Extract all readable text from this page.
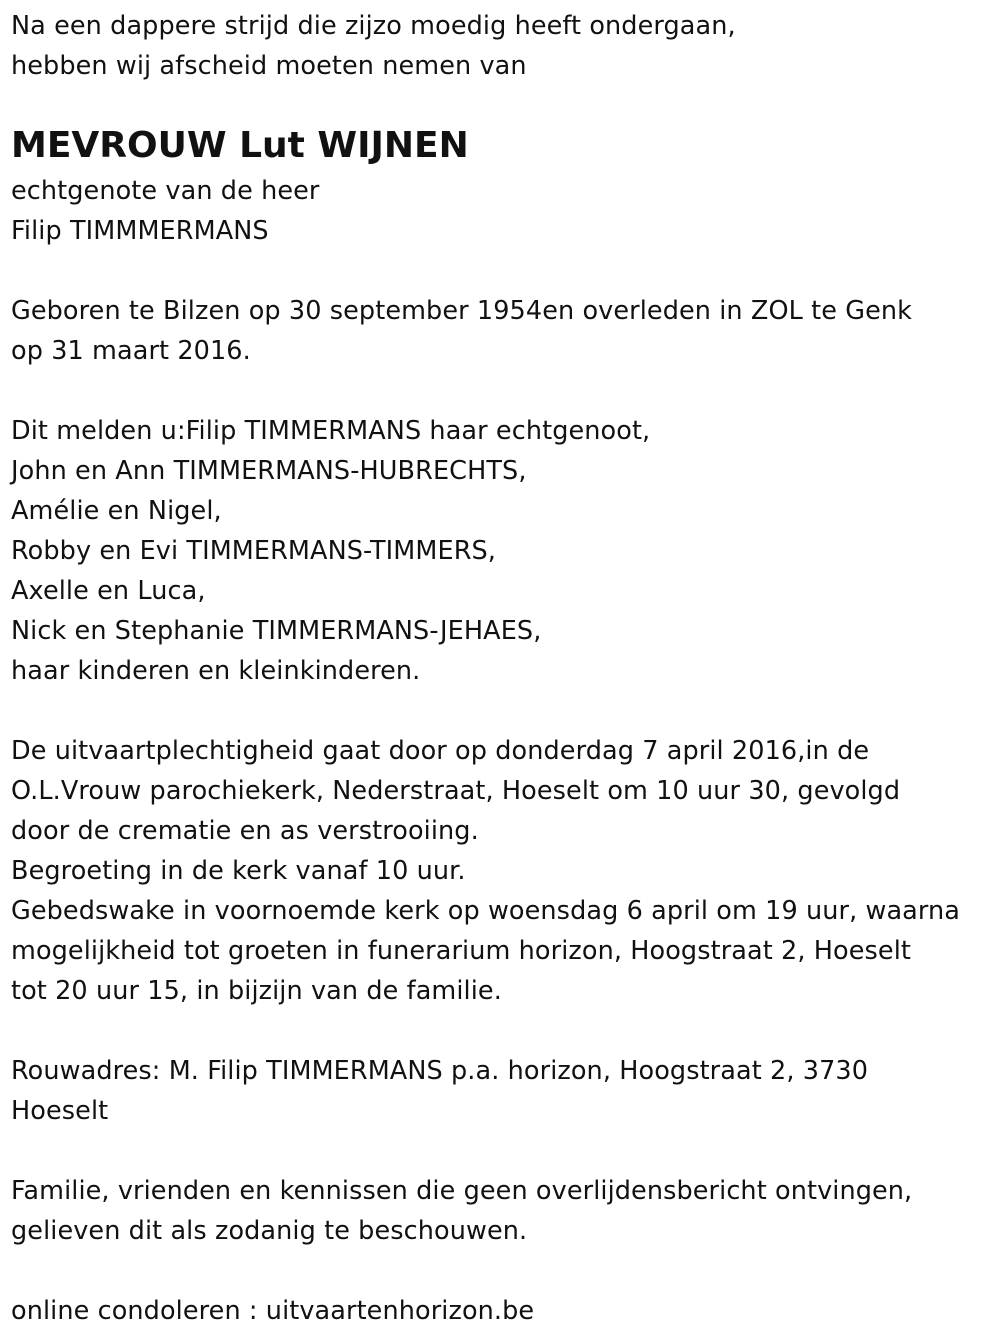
Na een dappere strijd die zijzo moedig heeft ondergaan,
hebben wij afscheid moeten nemen van
MEVROUW Lut WIJNEN
echtgenote van de heer
Filip TIMMMERMANS
Geboren te Bilzen op 30 september 1954en overleden in ZOL te Genk
op 31 maart 2016.
Dit melden u:Filip TIMMERMANS haar echtgenoot,
John en Ann TIMMERMANS-HUBRECHTS,
Amélie en Nigel,
Robby en Evi TIMMERMANS-TIMMERS,
Axelle en Luca,
Nick en Stephanie TIMMERMANS-JEHAES,
haar kinderen en kleinkinderen.
De uitvaartplechtigheid gaat door op donderdag 7 april 2016,in de
O.L.Vrouw parochiekerk, Nederstraat, Hoeselt om 10 uur 30, gevolgd
door de crematie en as verstrooiing.
Begroeting in de kerk vanaf 10 uur.
Gebedswake in voornoemde kerk op woensdag 6 april om 19 uur, waarna
mogelijkheid tot groeten in funerarium horizon, Hoogstraat 2, Hoeselt
tot 20 uur 15, in bijzijn van de familie.
Rouwadres: M. Filip TIMMERMANS p.a. horizon, Hoogstraat 2, 3730
Hoeselt
Familie, vrienden en kennissen die geen overlijdensbericht ontvingen,
gelieven dit als zodanig te beschouwen.
online condoleren : uitvaartenhorizon.be
